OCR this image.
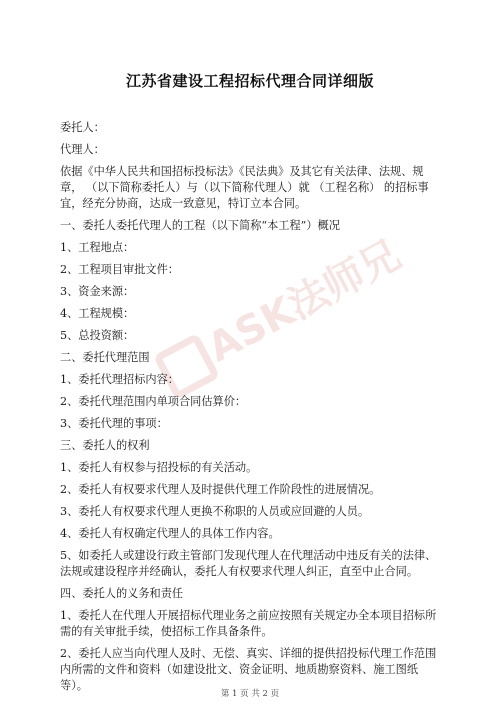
ASK法师兄
江苏省建设工程招标代理合同详细版
委托人：
代理人：
依据《中华人民共和国招标投标法》《民法典》及其它有关法律、法规、规章， （以下简称委托人）与（以下简称代理人）就 （工程名称） 的招标事宜，经充分协商，达成一致意见，特订立本合同。
一、委托人委托代理人的工程（以下简称“本工程”）概况
1、工程地点：
2、工程项目审批文件：
3、资金来源：
4、工程规模：
5、总投资额：
二、委托代理范围
1、委托代理招标内容：
2、委托代理范围内单项合同估算价：
3、委托代理的事项：
三、委托人的权利
1、委托人有权参与招投标的有关活动。
2、委托人有权要求代理人及时提供代理工作阶段性的进展情况。
3、委托人有权要求代理人更换不称职的人员或应回避的人员。
4、委托人有权确定代理人的具体工作内容。
5、如委托人或建设行政主管部门发现代理人在代理活动中违反有关的法律、法规或建设程序并经确认，委托人有权要求代理人纠正，直至中止合同。
四、委托人的义务和责任
1、委托人在代理人开展招标代理业务之前应按照有关规定办全本项目招标所需的有关审批手续，使招标工作具备条件。
2、委托人应当向代理人及时、无偿、真实、详细的提供招投标代理工作范围内所需的文件和资料（如建设批文、资金证明、地质勘察资料、施工图纸等）。
第 1 页 共 2 页
